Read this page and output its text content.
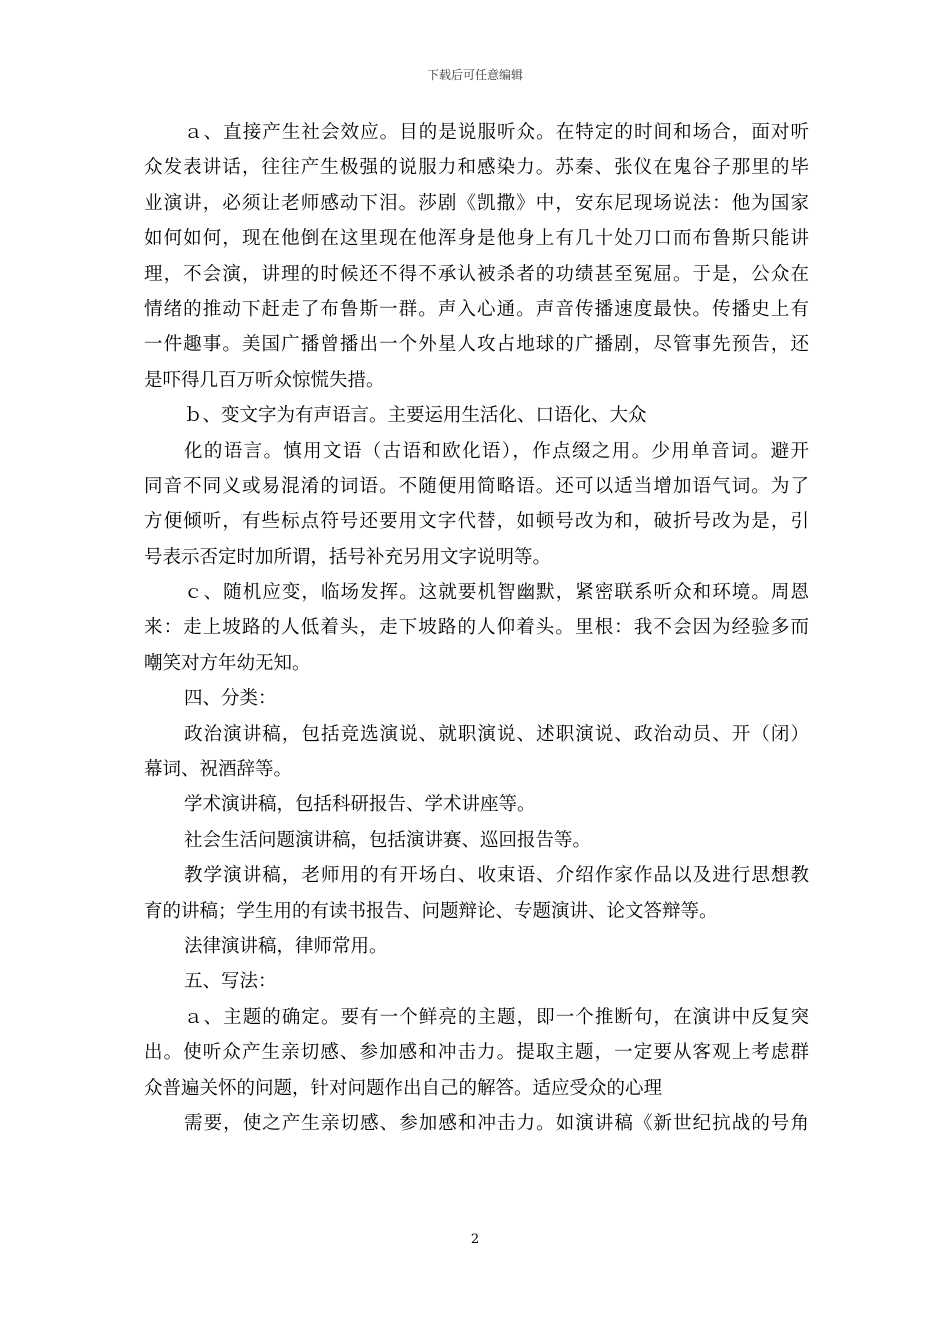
下载后可任意编辑
ａ、直接产生社会效应。目的是说服听众。在特定的时间和场合，面对听
众发表讲话，往往产生极强的说服力和感染力。苏秦、张仪在鬼谷子那里的毕
业演讲，必须让老师感动下泪。莎剧《凯撒》中，安东尼现场说法：他为国家
如何如何，现在他倒在这里现在他浑身是他身上有几十处刀口而布鲁斯只能讲
理，不会演，讲理的时候还不得不承认被杀者的功绩甚至冤屈。于是，公众在
情绪的推动下赶走了布鲁斯一群。声入心通。声音传播速度最快。传播史上有
一件趣事。美国广播曾播出一个外星人攻占地球的广播剧，尽管事先预告，还
是吓得几百万听众惊慌失措。
ｂ、变文字为有声语言。主要运用生活化、口语化、大众
化的语言。慎用文语（古语和欧化语），作点缀之用。少用单音词。避开
同音不同义或易混淆的词语。不随便用简略语。还可以适当增加语气词。为了
方便倾听，有些标点符号还要用文字代替，如顿号改为和，破折号改为是，引
号表示否定时加所谓，括号补充另用文字说明等。
ｃ、随机应变，临场发挥。这就要机智幽默，紧密联系听众和环境。周恩
来：走上坡路的人低着头，走下坡路的人仰着头。里根：我不会因为经验多而
嘲笑对方年幼无知。
四、分类：
政治演讲稿，包括竞选演说、就职演说、述职演说、政治动员、开（闭）
幕词、祝酒辞等。
学术演讲稿，包括科研报告、学术讲座等。
社会生活问题演讲稿，包括演讲赛、巡回报告等。
教学演讲稿，老师用的有开场白、收束语、介绍作家作品以及进行思想教
育的讲稿；学生用的有读书报告、问题辩论、专题演讲、论文答辩等。
法律演讲稿，律师常用。
五、写法：
ａ、主题的确定。要有一个鲜亮的主题，即一个推断句，在演讲中反复突
出。使听众产生亲切感、参加感和冲击力。提取主题，一定要从客观上考虑群
众普遍关怀的问题，针对问题作出自己的解答。适应受众的心理
需要，使之产生亲切感、参加感和冲击力。如演讲稿《新世纪抗战的号角
2
